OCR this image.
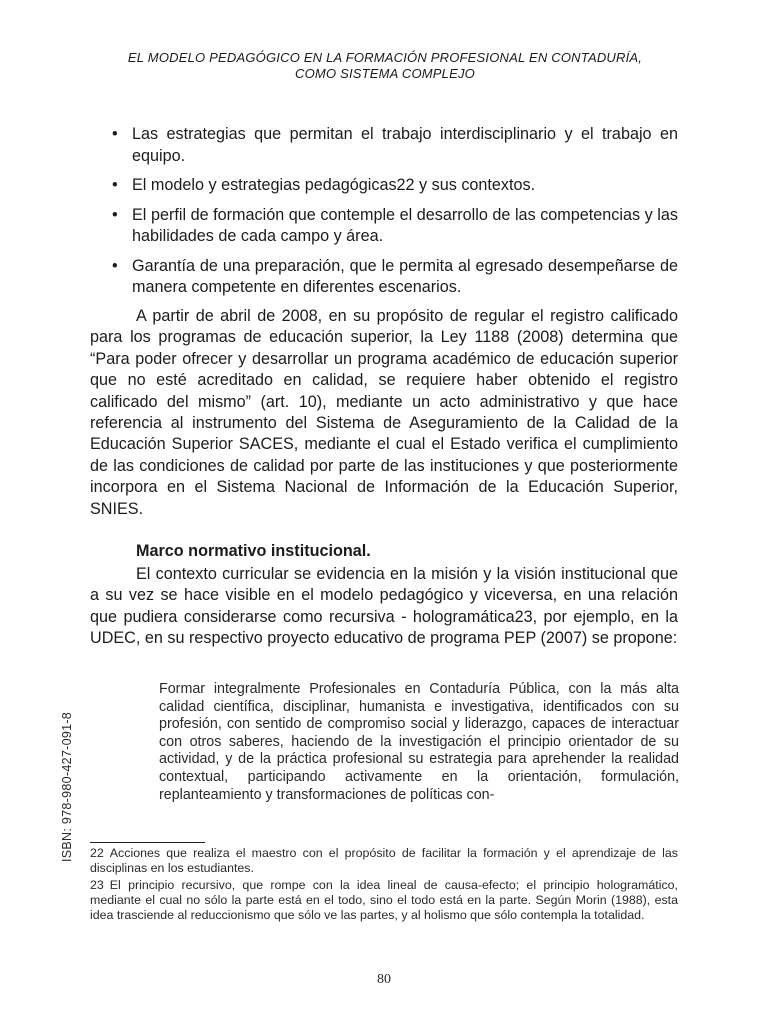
EL MODELO PEDAGÓGICO EN LA FORMACIÓN PROFESIONAL EN CONTADURÍA,
COMO SISTEMA COMPLEJO
• Las estrategias que permitan el trabajo interdisciplinario y el trabajo en equipo.
• El modelo y estrategias pedagógicas22 y sus contextos.
• El perfil de formación que contemple el desarrollo de las competencias y las habilidades de cada campo y área.
• Garantía de una preparación, que le permita al egresado desempeñarse de manera competente en diferentes escenarios.

A partir de abril de 2008, en su propósito de regular el registro calificado para los programas de educación superior, la Ley 1188 (2008) determina que “Para poder ofrecer y desarrollar un programa académico de educación superior que no esté acreditado en calidad, se requiere haber obtenido el registro calificado del mismo” (art. 10), mediante un acto administrativo y que hace referencia al instrumento del Sistema de Aseguramiento de la Calidad de la Educación Superior SACES, mediante el cual el Estado verifica el cumplimiento de las condiciones de calidad por parte de las instituciones y que posteriormente incorpora en el Sistema Nacional de Información de la Educación Superior, SNIES.

Marco normativo institucional.

El contexto curricular se evidencia en la misión y la visión institucional que a su vez se hace visible en el modelo pedagógico y viceversa, en una relación que pudiera considerarse como recursiva - hologramática23, por ejemplo, en la UDEC, en su respectivo proyecto educativo de programa PEP (2007) se propone:

Formar integralmente Profesionales en Contaduría Pública, con la más alta calidad científica, disciplinar, humanista e investigativa, identificados con su profesión, con sentido de compromiso social y liderazgo, capaces de interactuar con otros saberes, haciendo de la investigación el principio orientador de su actividad, y de la práctica profesional su estrategia para aprehender la realidad contextual, participando activamente en la orientación, formulación, replanteamiento y transformaciones de políticas con-

22 Acciones que realiza el maestro con el propósito de facilitar la formación y el aprendizaje de las disciplinas en los estudiantes.

23 El principio recursivo, que rompe con la idea lineal de causa-efecto; el principio hologramático, mediante el cual no sólo la parte está en el todo, sino el todo está en la parte. Según Morin (1988), esta idea trasciende al reduccionismo que sólo ve las partes, y al holismo que sólo contempla la totalidad.

ISBN: 978-980-427-091-8
80
